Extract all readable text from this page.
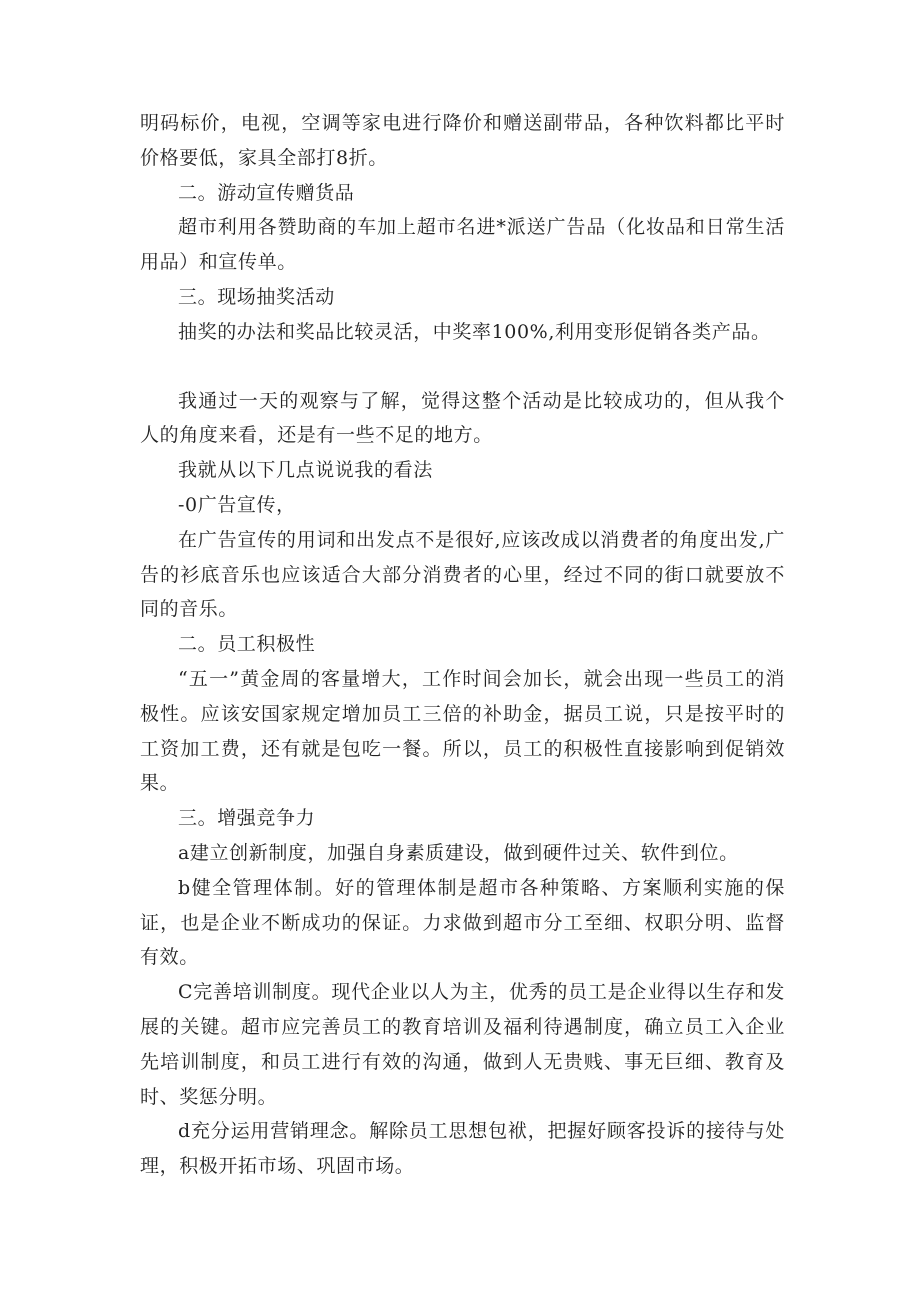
明码标价，电视，空调等家电进行降价和赠送副带品，各种饮料都比平时价格要低，家具全部打8折。

二。游动宣传赠货品

超市利用各赞助商的车加上超市名进*派送广告品（化妆品和日常生活用品）和宣传单。

三。现场抽奖活动

抽奖的办法和奖品比较灵活，中奖率100%,利用变形促销各类产品。

我通过一天的观察与了解，觉得这整个活动是比较成功的，但从我个人的角度来看，还是有一些不足的地方。

我就从以下几点说说我的看法

-0广告宣传，

在广告宣传的用词和出发点不是很好,应该改成以消费者的角度出发,广告的衫底音乐也应该适合大部分消费者的心里，经过不同的街口就要放不同的音乐。

二。员工积极性

“五一”黄金周的客量增大，工作时间会加长，就会出现一些员工的消极性。应该安国家规定增加员工三倍的补助金，据员工说，只是按平时的工资加工费，还有就是包吃一餐。所以，员工的积极性直接影响到促销效果。

三。增强竞争力

a建立创新制度，加强自身素质建设，做到硬件过关、软件到位。

b健全管理体制。好的管理体制是超市各种策略、方案顺利实施的保证，也是企业不断成功的保证。力求做到超市分工至细、权职分明、监督有效。

C完善培训制度。现代企业以人为主，优秀的员工是企业得以生存和发展的关键。超市应完善员工的教育培训及福利待遇制度，确立员工入企业先培训制度，和员工进行有效的沟通，做到人无贵贱、事无巨细、教育及时、奖惩分明。

d充分运用营销理念。解除员工思想包袱，把握好顾客投诉的接待与处理，积极开拓市场、巩固市场。
